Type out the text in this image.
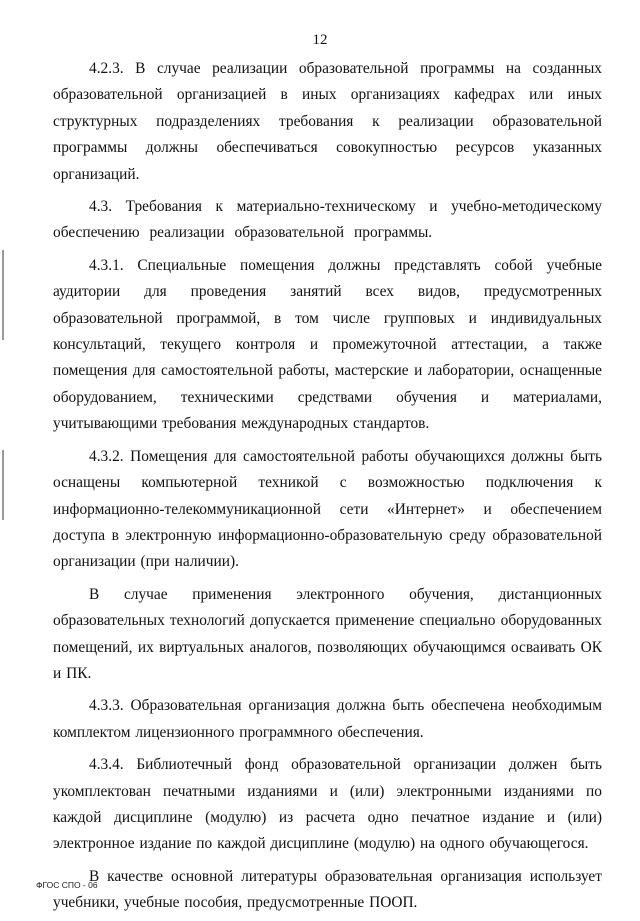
12

4.2.3. В случае реализации образовательной программы на созданных образовательной организацией в иных организациях кафедрах или иных структурных подразделениях требования к реализации образовательной программы должны обеспечиваться совокупностью ресурсов указанных организаций.

4.3. Требования к материально-техническому и учебно-методическому обеспечению реализации образовательной программы.

4.3.1. Специальные помещения должны представлять собой учебные аудитории для проведения занятий всех видов, предусмотренных образовательной программой, в том числе групповых и индивидуальных консультаций, текущего контроля и промежуточной аттестации, а также помещения для самостоятельной работы, мастерские и лаборатории, оснащенные оборудованием, техническими средствами обучения и материалами, учитывающими требования международных стандартов.

4.3.2. Помещения для самостоятельной работы обучающихся должны быть оснащены компьютерной техникой с возможностью подключения к информационно-телекоммуникационной сети «Интернет» и обеспечением доступа в электронную информационно-образовательную среду образовательной организации (при наличии).

В случае применения электронного обучения, дистанционных образовательных технологий допускается применение специально оборудованных помещений, их виртуальных аналогов, позволяющих обучающимся осваивать ОК и ПК.

4.3.3. Образовательная организация должна быть обеспечена необходимым комплектом лицензионного программного обеспечения.

4.3.4. Библиотечный фонд образовательной организации должен быть укомплектован печатными изданиями и (или) электронными изданиями по каждой дисциплине (модулю) из расчета одно печатное издание и (или) электронное издание по каждой дисциплине (модулю) на одного обучающегося.

В качестве основной литературы образовательная организация использует учебники, учебные пособия, предусмотренные ПООП.

ФГОС СПО - 06
